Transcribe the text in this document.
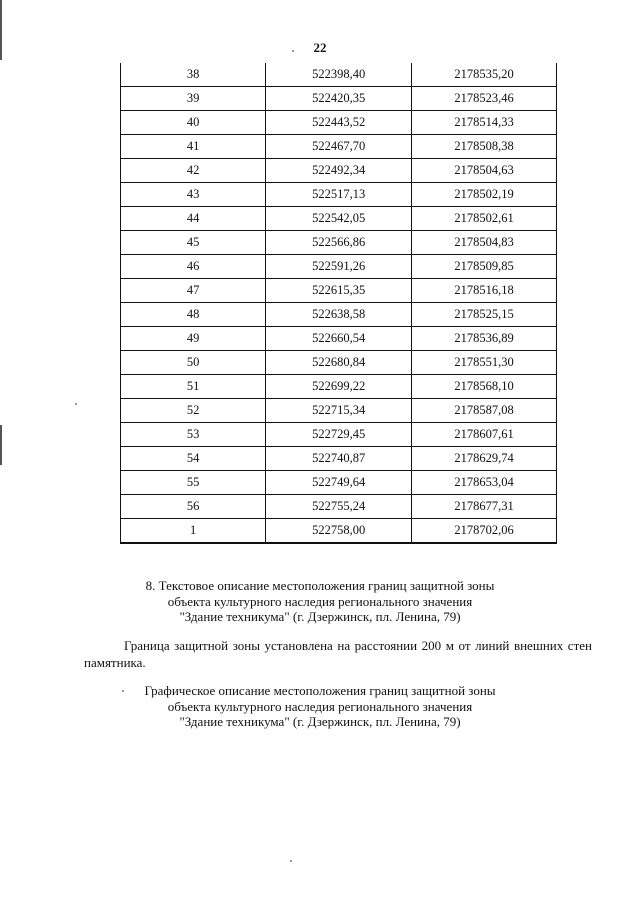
22
38	522398,40	2178535,20
39	522420,35	2178523,46
40	522443,52	2178514,33
41	522467,70	2178508,38
42	522492,34	2178504,63
43	522517,13	2178502,19
44	522542,05	2178502,61
45	522566,86	2178504,83
46	522591,26	2178509,85
47	522615,35	2178516,18
48	522638,58	2178525,15
49	522660,54	2178536,89
50	522680,84	2178551,30
51	522699,22	2178568,10
52	522715,34	2178587,08
53	522729,45	2178607,61
54	522740,87	2178629,74
55	522749,64	2178653,04
56	522755,24	2178677,31
1	522758,00	2178702,06
8. Текстовое описание местоположения границ защитной зоны
объекта культурного наследия регионального значения
"Здание техникума" (г. Дзержинск, пл. Ленина, 79)
Граница защитной зоны установлена на расстоянии 200 м от линий внешних стен памятника.
Графическое описание местоположения границ защитной зоны
объекта культурного наследия регионального значения
"Здание техникума" (г. Дзержинск, пл. Ленина, 79)
